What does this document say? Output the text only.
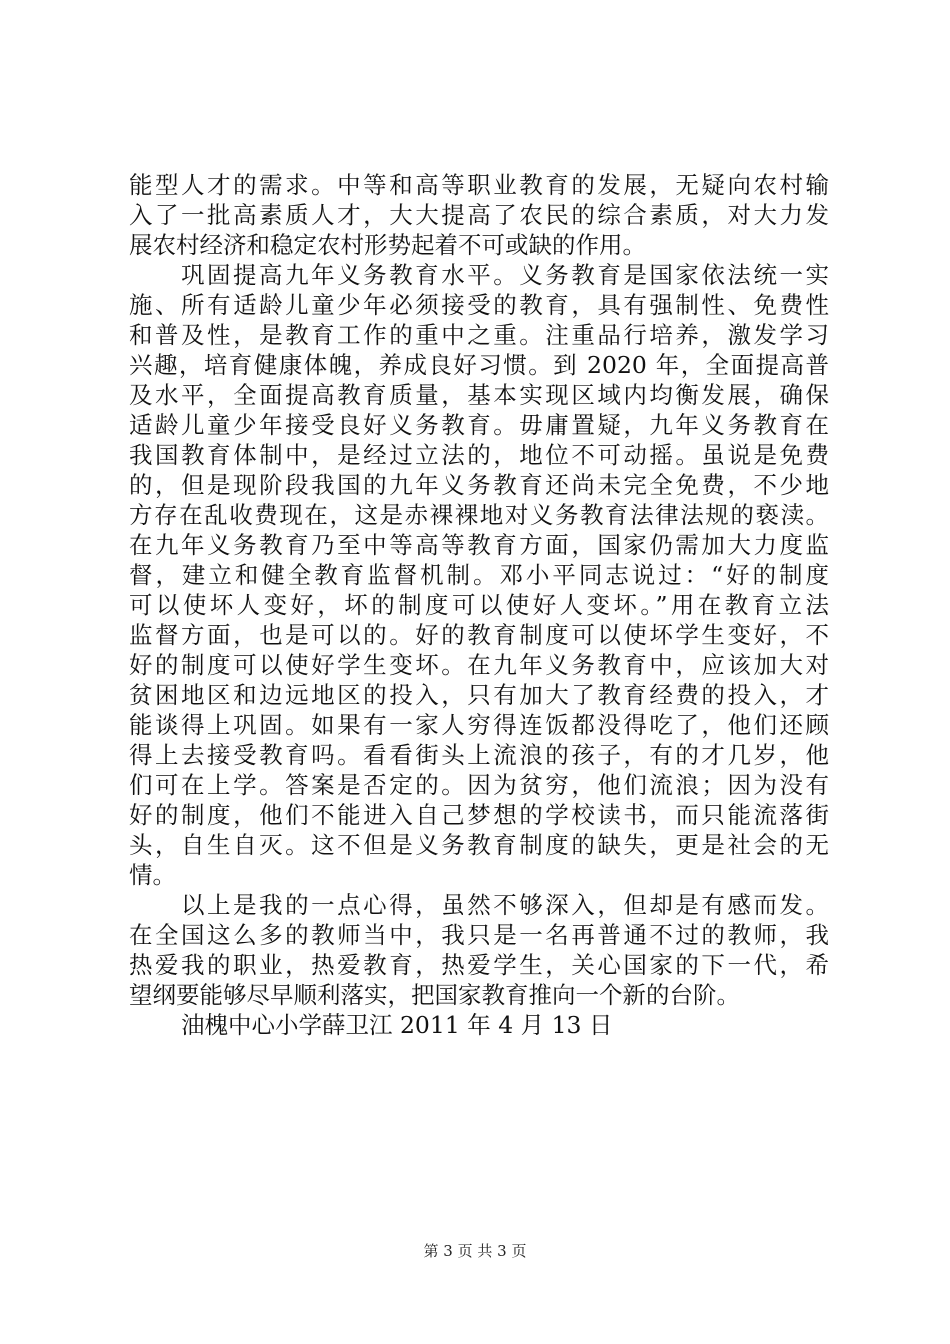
能型人才的需求。中等和高等职业教育的发展，无疑向农村输
入了一批高素质人才，大大提高了农民的综合素质，对大力发
展农村经济和稳定农村形势起着不可或缺的作用。
巩固提高九年义务教育水平。义务教育是国家依法统一实
施、所有适龄儿童少年必须接受的教育，具有强制性、免费性
和普及性，是教育工作的重中之重。注重品行培养，激发学习
兴趣，培育健康体魄，养成良好习惯。到 2020 年，全面提高普
及水平，全面提高教育质量，基本实现区域内均衡发展，确保
适龄儿童少年接受良好义务教育。毋庸置疑，九年义务教育在
我国教育体制中，是经过立法的，地位不可动摇。虽说是免费
的，但是现阶段我国的九年义务教育还尚未完全免费，不少地
方存在乱收费现在，这是赤裸裸地对义务教育法律法规的亵渎。
在九年义务教育乃至中等高等教育方面，国家仍需加大力度监
督，建立和健全教育监督机制。邓小平同志说过：“好的制度
可以使坏人变好，坏的制度可以使好人变坏。”用在教育立法
监督方面，也是可以的。好的教育制度可以使坏学生变好，不
好的制度可以使好学生变坏。在九年义务教育中，应该加大对
贫困地区和边远地区的投入，只有加大了教育经费的投入，才
能谈得上巩固。如果有一家人穷得连饭都没得吃了，他们还顾
得上去接受教育吗。看看街头上流浪的孩子，有的才几岁，他
们可在上学。答案是否定的。因为贫穷，他们流浪；因为没有
好的制度，他们不能进入自己梦想的学校读书，而只能流落街
头，自生自灭。这不但是义务教育制度的缺失，更是社会的无
情。
以上是我的一点心得，虽然不够深入，但却是有感而发。
在全国这么多的教师当中，我只是一名再普通不过的教师，我
热爱我的职业，热爱教育，热爱学生，关心国家的下一代，希
望纲要能够尽早顺利落实，把国家教育推向一个新的台阶。
油槐中心小学薛卫江 2011 年 4 月 13 日
第 3 页 共 3 页
